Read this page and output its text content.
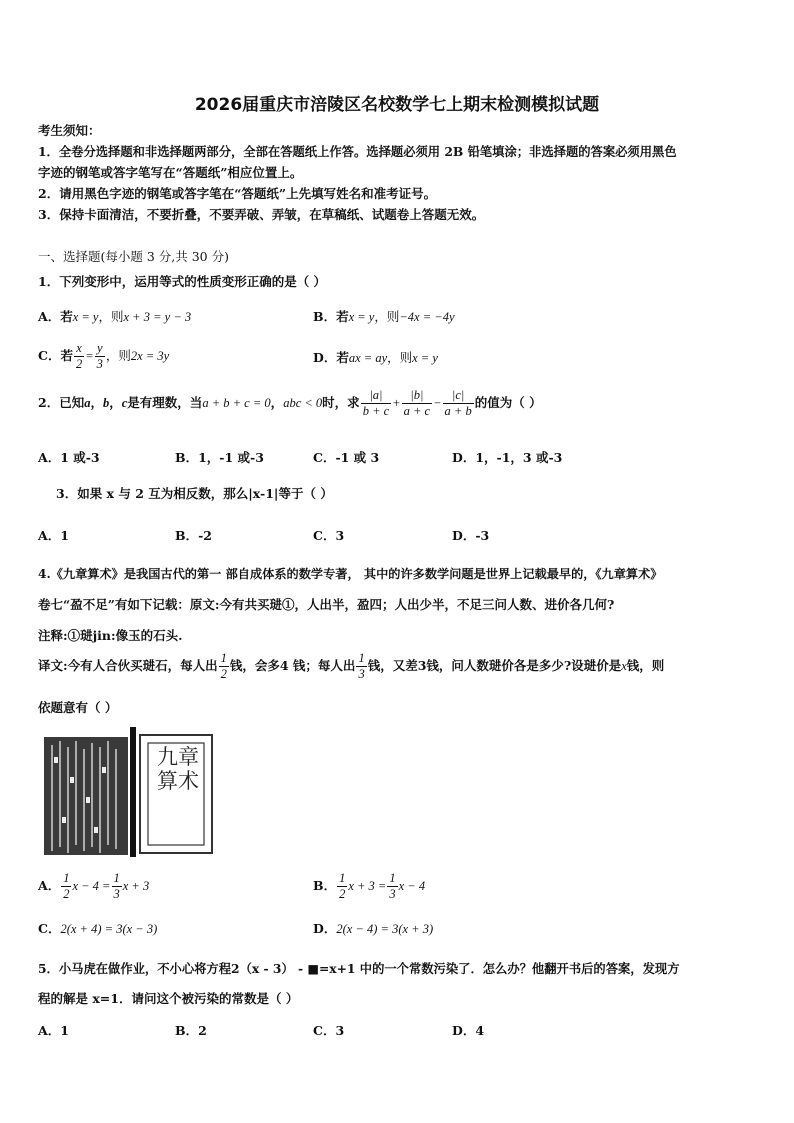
2026届重庆市涪陵区名校数学七上期末检测模拟试题
考生须知：
1．全卷分选择题和非选择题两部分，全部在答题纸上作答。选择题必须用 2B 铅笔填涂；非选择题的答案必须用黑色
字迹的钢笔或答字笔写在“答题纸”相应位置上。
2．请用黑色字迹的钢笔或答字笔在“答题纸”上先填写姓名和准考证号。
3．保持卡面清洁，不要折叠，不要弄破、弄皱，在草稿纸、试题卷上答题无效。
一、选择题(每小题 3 分,共 30 分)
1．下列变形中，运用等式的性质变形正确的是（ ）
A．若x = y，则x + 3 = y − 3	B．若x = y，则−4x = −4y
C．若 $\frac{x}{2} = \frac{y}{3}$ ，则2x = 3y	D．若ax = ay，则x = y
2．已知a，b，c是有理数，当a + b + c = 0，abc < 0时，求 $\frac{|a|}{b + c} + \frac{|b|}{a + c} - \frac{|c|}{a + b}$ 的值为（ ）
A．1 或-3	B．1，-1 或-3	C．-1 或 3	D．1，-1，3 或-3
3．如果 x 与 2 互为相反数，那么|x-1|等于（ ）
A．1	B．-2	C．3	D．-3
4.《九章算术》是我国古代的第一 部自成体系的数学专著， 其中的许多数学问题是世界上记载最早的，《九章算术》
卷七“盈不足”有如下记载：原文:今有共买琎①，人出半，盈四；人出少半，不足三问人数、进价各几何?
注释:①琎jin:像玉的石头.
译文:今有人合伙买琎石，每人出 $\frac{1}{2}$ 钱，会多4 钱；每人出 $\frac{1}{3}$ 钱，又差3钱，问人数琎价各是多少?设琎价是x钱，则
依题意有（ ）
九章算术
A． $\frac{1}{2}$ $x - 4 = \frac{1}{3}$ x + 3	B． $\frac{1}{2}$ $x + 3 = \frac{1}{3}$ x − 4
C．2(x + 4) = 3(x − 3)	D．2(x − 4) = 3(x + 3)
5．小马虎在做作业，不小心将方程2（x - 3） - ■=x+1 中的一个常数污染了．怎么办？他翻开书后的答案，发现方
程的解是 x=1．请问这个被污染的常数是（ ）
A．1	B．2	C．3	D．4
